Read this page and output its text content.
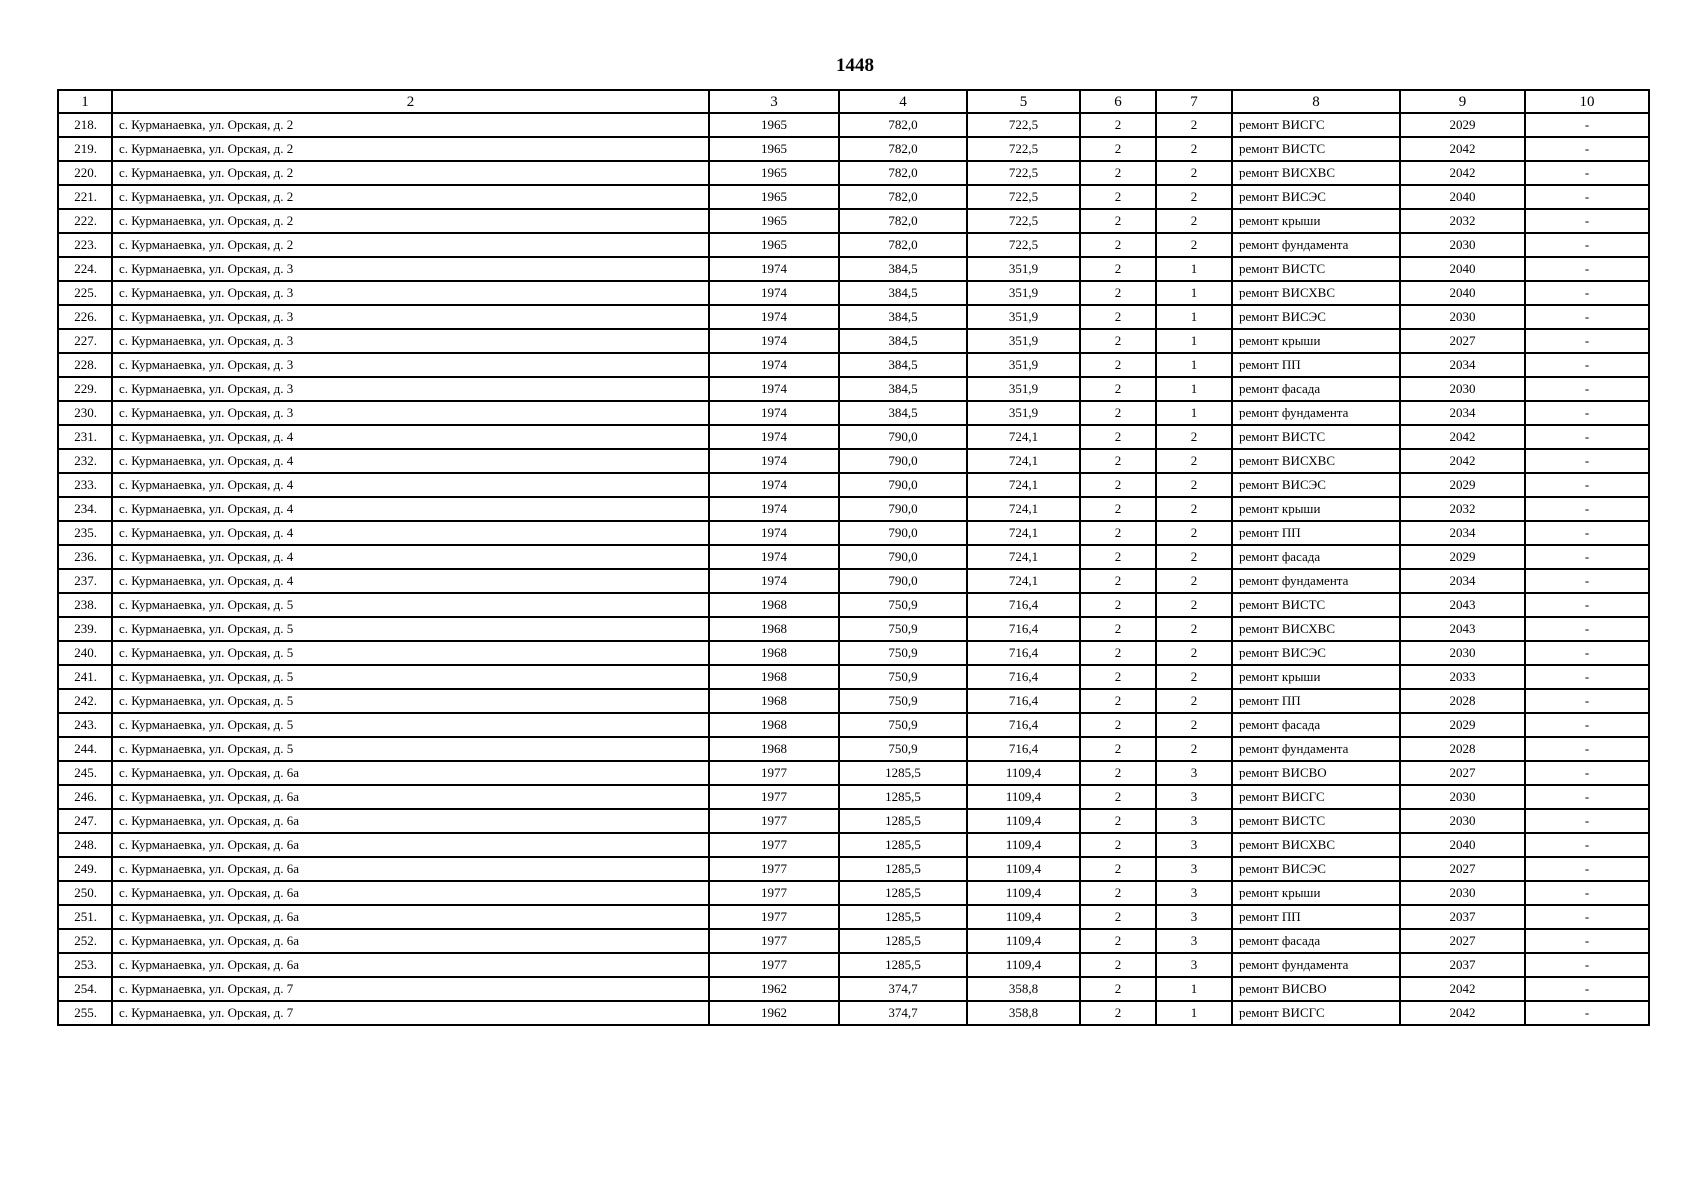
1448
1	2	3	4	5	6	7	8	9	10
218.	с. Курманаевка, ул. Орская, д. 2	1965	782,0	722,5	2	2	ремонт ВИСГС	2029	-
219.	с. Курманаевка, ул. Орская, д. 2	1965	782,0	722,5	2	2	ремонт ВИСТС	2042	-
220.	с. Курманаевка, ул. Орская, д. 2	1965	782,0	722,5	2	2	ремонт ВИСХВС	2042	-
221.	с. Курманаевка, ул. Орская, д. 2	1965	782,0	722,5	2	2	ремонт ВИСЭС	2040	-
222.	с. Курманаевка, ул. Орская, д. 2	1965	782,0	722,5	2	2	ремонт крыши	2032	-
223.	с. Курманаевка, ул. Орская, д. 2	1965	782,0	722,5	2	2	ремонт фундамента	2030	-
224.	с. Курманаевка, ул. Орская, д. 3	1974	384,5	351,9	2	1	ремонт ВИСТС	2040	-
225.	с. Курманаевка, ул. Орская, д. 3	1974	384,5	351,9	2	1	ремонт ВИСХВС	2040	-
226.	с. Курманаевка, ул. Орская, д. 3	1974	384,5	351,9	2	1	ремонт ВИСЭС	2030	-
227.	с. Курманаевка, ул. Орская, д. 3	1974	384,5	351,9	2	1	ремонт крыши	2027	-
228.	с. Курманаевка, ул. Орская, д. 3	1974	384,5	351,9	2	1	ремонт ПП	2034	-
229.	с. Курманаевка, ул. Орская, д. 3	1974	384,5	351,9	2	1	ремонт фасада	2030	-
230.	с. Курманаевка, ул. Орская, д. 3	1974	384,5	351,9	2	1	ремонт фундамента	2034	-
231.	с. Курманаевка, ул. Орская, д. 4	1974	790,0	724,1	2	2	ремонт ВИСТС	2042	-
232.	с. Курманаевка, ул. Орская, д. 4	1974	790,0	724,1	2	2	ремонт ВИСХВС	2042	-
233.	с. Курманаевка, ул. Орская, д. 4	1974	790,0	724,1	2	2	ремонт ВИСЭС	2029	-
234.	с. Курманаевка, ул. Орская, д. 4	1974	790,0	724,1	2	2	ремонт крыши	2032	-
235.	с. Курманаевка, ул. Орская, д. 4	1974	790,0	724,1	2	2	ремонт ПП	2034	-
236.	с. Курманаевка, ул. Орская, д. 4	1974	790,0	724,1	2	2	ремонт фасада	2029	-
237.	с. Курманаевка, ул. Орская, д. 4	1974	790,0	724,1	2	2	ремонт фундамента	2034	-
238.	с. Курманаевка, ул. Орская, д. 5	1968	750,9	716,4	2	2	ремонт ВИСТС	2043	-
239.	с. Курманаевка, ул. Орская, д. 5	1968	750,9	716,4	2	2	ремонт ВИСХВС	2043	-
240.	с. Курманаевка, ул. Орская, д. 5	1968	750,9	716,4	2	2	ремонт ВИСЭС	2030	-
241.	с. Курманаевка, ул. Орская, д. 5	1968	750,9	716,4	2	2	ремонт крыши	2033	-
242.	с. Курманаевка, ул. Орская, д. 5	1968	750,9	716,4	2	2	ремонт ПП	2028	-
243.	с. Курманаевка, ул. Орская, д. 5	1968	750,9	716,4	2	2	ремонт фасада	2029	-
244.	с. Курманаевка, ул. Орская, д. 5	1968	750,9	716,4	2	2	ремонт фундамента	2028	-
245.	с. Курманаевка, ул. Орская, д. 6а	1977	1285,5	1109,4	2	3	ремонт ВИСВО	2027	-
246.	с. Курманаевка, ул. Орская, д. 6а	1977	1285,5	1109,4	2	3	ремонт ВИСГС	2030	-
247.	с. Курманаевка, ул. Орская, д. 6а	1977	1285,5	1109,4	2	3	ремонт ВИСТС	2030	-
248.	с. Курманаевка, ул. Орская, д. 6а	1977	1285,5	1109,4	2	3	ремонт ВИСХВС	2040	-
249.	с. Курманаевка, ул. Орская, д. 6а	1977	1285,5	1109,4	2	3	ремонт ВИСЭС	2027	-
250.	с. Курманаевка, ул. Орская, д. 6а	1977	1285,5	1109,4	2	3	ремонт крыши	2030	-
251.	с. Курманаевка, ул. Орская, д. 6а	1977	1285,5	1109,4	2	3	ремонт ПП	2037	-
252.	с. Курманаевка, ул. Орская, д. 6а	1977	1285,5	1109,4	2	3	ремонт фасада	2027	-
253.	с. Курманаевка, ул. Орская, д. 6а	1977	1285,5	1109,4	2	3	ремонт фундамента	2037	-
254.	с. Курманаевка, ул. Орская, д. 7	1962	374,7	358,8	2	1	ремонт ВИСВО	2042	-
255.	с. Курманаевка, ул. Орская, д. 7	1962	374,7	358,8	2	1	ремонт ВИСГС	2042	-
